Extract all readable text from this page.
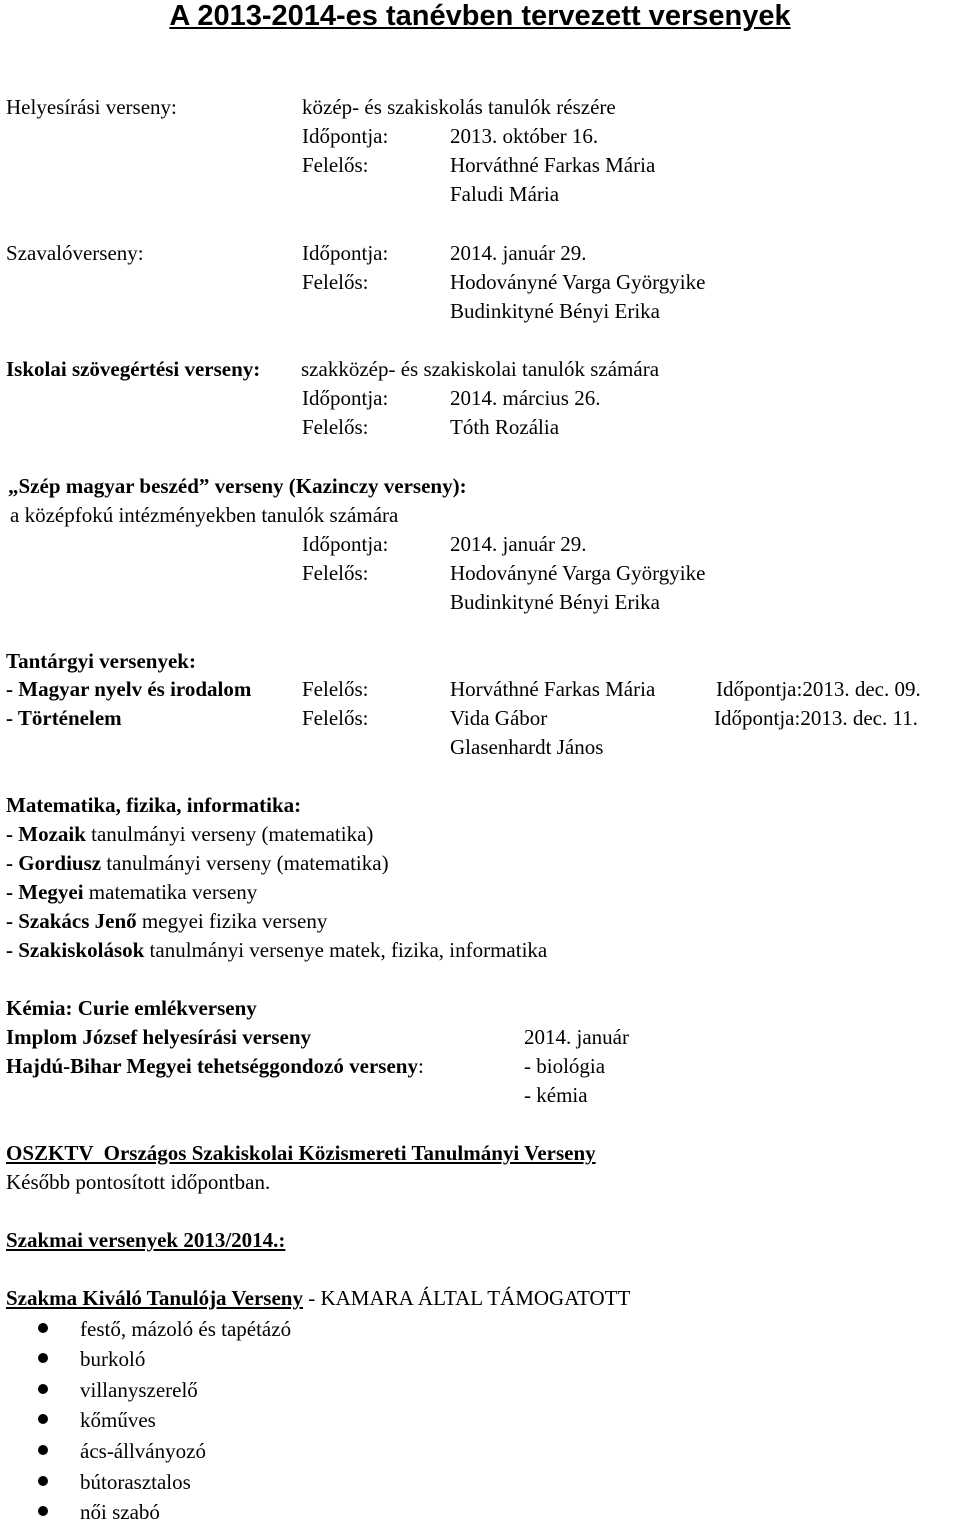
A 2013-2014-es tanévben tervezett versenyek
Helyesírási verseny:	közép- és szakiskolás tanulók részére
Időpontja:	2013. október 16.
Felelős:	Horváthné Farkas Mária
Faludi Mária
Szavalóverseny:	Időpontja:	2014. január 29.
Felelős:	Hodoványné Varga Györgyike
Budinkityné Bényi Erika
Iskolai szövegértési verseny: szakközép- és szakiskolai tanulók számára
Időpontja:	2014. március 26.
Felelős:	Tóth Rozália
„Szép magyar beszéd” verseny (Kazinczy verseny):
a középfokú intézményekben tanulók számára
Időpontja:	2014. január 29.
Felelős:	Hodoványné Varga Györgyike
Budinkityné Bényi Erika
Tantárgyi versenyek:
- Magyar nyelv és irodalom Felelős:	Horváthné Farkas Mária	Időpontja:2013. dec. 09.
- Történelem	Felelős:	Vida Gábor	Időpontja:2013. dec. 11.
Glasenhardt János
Matematika, fizika, informatika:
- Mozaik tanulmányi verseny (matematika)
- Gordiusz tanulmányi verseny (matematika)
- Megyei matematika verseny
- Szakács Jenő megyei fizika verseny
- Szakiskolások tanulmányi versenye matek, fizika, informatika
Kémia: Curie emlékverseny
Implom József helyesírási verseny	2014. január
Hajdú-Bihar Megyei tehetséggondozó verseny:	- biológia
- kémia
OSZKTV  Országos Szakiskolai Közismereti Tanulmányi Verseny
Később pontosított időpontban.
Szakmai versenyek 2013/2014.:
Szakma Kiváló Tanulója Verseny - KAMARA ÁLTAL TÁMOGATOTT
festő, mázoló és tapétázó
burkoló
villanyszerelő
kőműves
ács-állványozó
bútorasztalos
női szabó
